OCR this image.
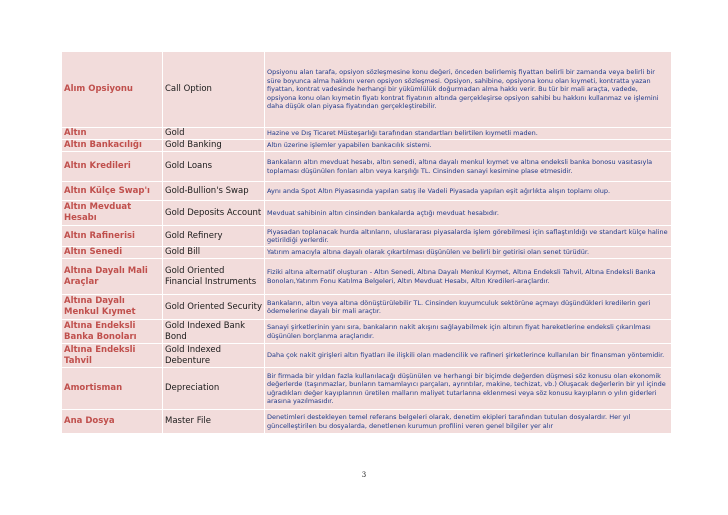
Alım Opsiyonu	Call Option	Opsiyonu alan tarafa, opsiyon sözleşmesine konu değeri, önceden belirlemiş fiyattan belirli bir zamanda veya belirli bir süre boyunca alma hakkını veren opsiyon sözleşmesi. Opsiyon, sahibine, opsiyona konu olan kıymeti, kontratta yazan fiyattan, kontrat vadesinde herhangi bir yükümlülük doğurmadan alma hakkı verir. Bu tür bir mali araçta, vadede, opsiyona konu olan kıymetin fiyatı kontrat fiyatının altında gerçekleşirse opsiyon sahibi bu hakkını kullanmaz ve işlemini daha düşük olan piyasa fiyatından gerçekleştirebilir.
Altın	Gold	Hazine ve Dış Ticaret Müsteşarlığı tarafından standartları belirtilen kıymetli maden.
Altın Bankacılığı	Gold Banking	Altın üzerine işlemler yapabilen bankacılık sistemi.
Altın Kredileri	Gold Loans	Bankaların altın mevduat hesabı, altın senedi, altına dayalı menkul kıymet ve altına endeksli banka bonosu vasıtasıyla toplaması düşünülen fonları altın veya karşılığı TL. Cinsinden sanayi kesimine plase etmesidir.
Altın Külçe Swap'ı	Gold-Bullion's Swap	Aynı anda Spot Altın Piyasasında yapılan satış ile Vadeli Piyasada yapılan eşit ağırlıkta alışın toplamı olup.
Altın Mevduat Hesabı	Gold Deposits Account	Mevduat sahibinin altın cinsinden bankalarda açtığı mevduat hesabıdır.
Altın Rafinerisi	Gold Refinery	Piyasadan toplanacak hurda altınların, uluslararası piyasalarda işlem görebilmesi için saflaştırıldığı ve standart külçe haline getirildiği yerlerdir.
Altın Senedi	Gold Bill	Yatırım amacıyla altına dayalı olarak çıkartılması düşünülen ve belirli bir getirisi olan senet türüdür.
Altına Dayalı Mali Araçlar	Gold Oriented Financial Instruments	Fiziki altına alternatif oluşturan - Altın Senedi, Altına Dayalı Menkul Kıymet, Altına Endeksli Tahvil, Altına Endeksli Banka Bonoları,Yatırım Fonu Katılma Belgeleri, Altın Mevduat Hesabı, Altın Kredileri-araçlardır.
Altına Dayalı Menkul Kıymet	Gold Oriented Security	Bankaların, altın veya altına dönüştürülebilir TL. Cinsinden kuyumculuk sektörüne açmayı düşündükleri kredilerin geri ödemelerine dayalı bir mali araçtır.
Altına Endeksli Banka Bonoları	Gold Indexed Bank Bond	Sanayi şirketlerinin yanı sıra, bankaların nakit akışını sağlayabilmek için altının fiyat hareketlerine endeksli çıkarılması düşünülen borçlanma araçlarıdır.
Altına Endeksli Tahvil	Gold Indexed Debenture	Daha çok nakit girişleri altın fiyatları ile ilişkili olan madencilik ve rafineri şirketlerince kullanılan bir finansman yöntemidir.
Amortisman	Depreciation	Bir firmada bir yıldan fazla kullanılacağı düşünülen ve herhangi bir biçimde değerden düşmesi söz konusu olan ekonomik değerlerde (taşınmazlar, bunların tamamlayıcı parçaları, ayrıntılar, makine, techizat, vb.) Oluşacak değerlerin bir yıl içinde uğradıkları değer kayıplarının üretilen malların maliyet tutarlarına eklenmesi veya söz konusu kayıpların o yılın giderleri arasına yazılmasıdır.
Ana Dosya	Master File	Denetimleri destekleyen temel referans belgeleri olarak, denetim ekipleri tarafından tutulan dosyalardır. Her yıl güncelleştirilen bu dosyalarda, denetlenen kurumun profilini veren genel bilgiler yer alır
3
